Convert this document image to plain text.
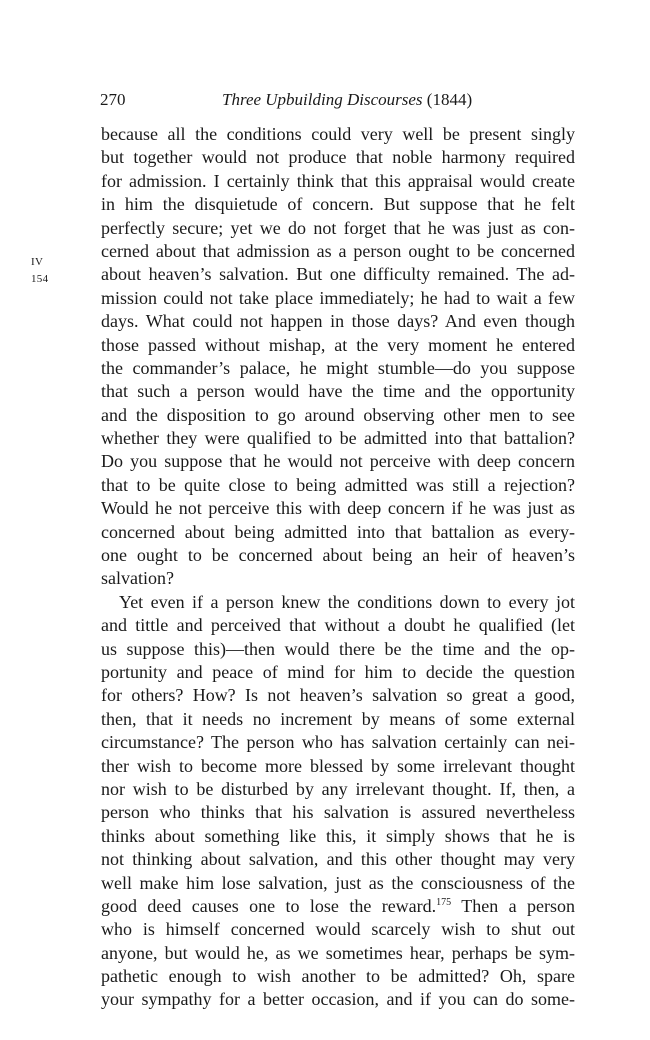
270	Three Upbuilding Discourses (1844)
IV
154
because all the conditions could very well be present singly
but together would not produce that noble harmony required
for admission. I certainly think that this appraisal would create
in him the disquietude of concern. But suppose that he felt
perfectly secure; yet we do not forget that he was just as con-
cerned about that admission as a person ought to be concerned
about heaven’s salvation. But one difficulty remained. The ad-
mission could not take place immediately; he had to wait a few
days. What could not happen in those days? And even though
those passed without mishap, at the very moment he entered
the commander’s palace, he might stumble—do you suppose
that such a person would have the time and the opportunity
and the disposition to go around observing other men to see
whether they were qualified to be admitted into that battalion?
Do you suppose that he would not perceive with deep concern
that to be quite close to being admitted was still a rejection?
Would he not perceive this with deep concern if he was just as
concerned about being admitted into that battalion as every-
one ought to be concerned about being an heir of heaven’s
salvation?
Yet even if a person knew the conditions down to every jot
and tittle and perceived that without a doubt he qualified (let
us suppose this)—then would there be the time and the op-
portunity and peace of mind for him to decide the question
for others? How? Is not heaven’s salvation so great a good,
then, that it needs no increment by means of some external
circumstance? The person who has salvation certainly can nei-
ther wish to become more blessed by some irrelevant thought
nor wish to be disturbed by any irrelevant thought. If, then, a
person who thinks that his salvation is assured nevertheless
thinks about something like this, it simply shows that he is
not thinking about salvation, and this other thought may very
well make him lose salvation, just as the consciousness of the
good deed causes one to lose the reward.$^{175}$ Then a person
who is himself concerned would scarcely wish to shut out
anyone, but would he, as we sometimes hear, perhaps be sym-
pathetic enough to wish another to be admitted? Oh, spare
your sympathy for a better occasion, and if you can do some-
